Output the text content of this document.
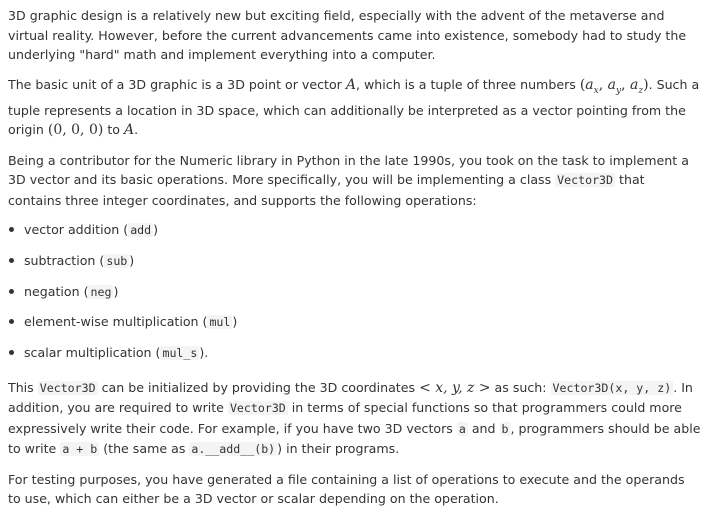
3D graphic design is a relatively new but exciting field, especially with the advent of the metaverse and virtual reality. However, before the current advancements came into existence, somebody had to study the underlying "hard" math and implement everything into a computer.

The basic unit of a 3D graphic is a 3D point or vector A, which is a tuple of three numbers ($a_x$, $a_y$, $a_z$). Such a tuple represents a location in 3D space, which can additionally be interpreted as a vector pointing from the origin (0, 0, 0) to A.

Being a contributor for the Numeric library in Python in the late 1990s, you took on the task to implement a 3D vector and its basic operations. More specifically, you will be implementing a class Vector3D that contains three integer coordinates, and supports the following operations:

vector addition ( add )
subtraction ( sub )
negation ( neg )
element-wise multiplication ( mul )
scalar multiplication ( mul_s ).

This Vector3D can be initialized by providing the 3D coordinates < x, y, z > as such: Vector3D(x, y, z) . In addition, you are required to write Vector3D in terms of special functions so that programmers could more expressively write their code. For example, if you have two 3D vectors a and b , programmers should be able to write a + b (the same as a.__add__(b) ) in their programs.

For testing purposes, you have generated a file containing a list of operations to execute and the operands to use, which can either be a 3D vector or scalar depending on the operation.
